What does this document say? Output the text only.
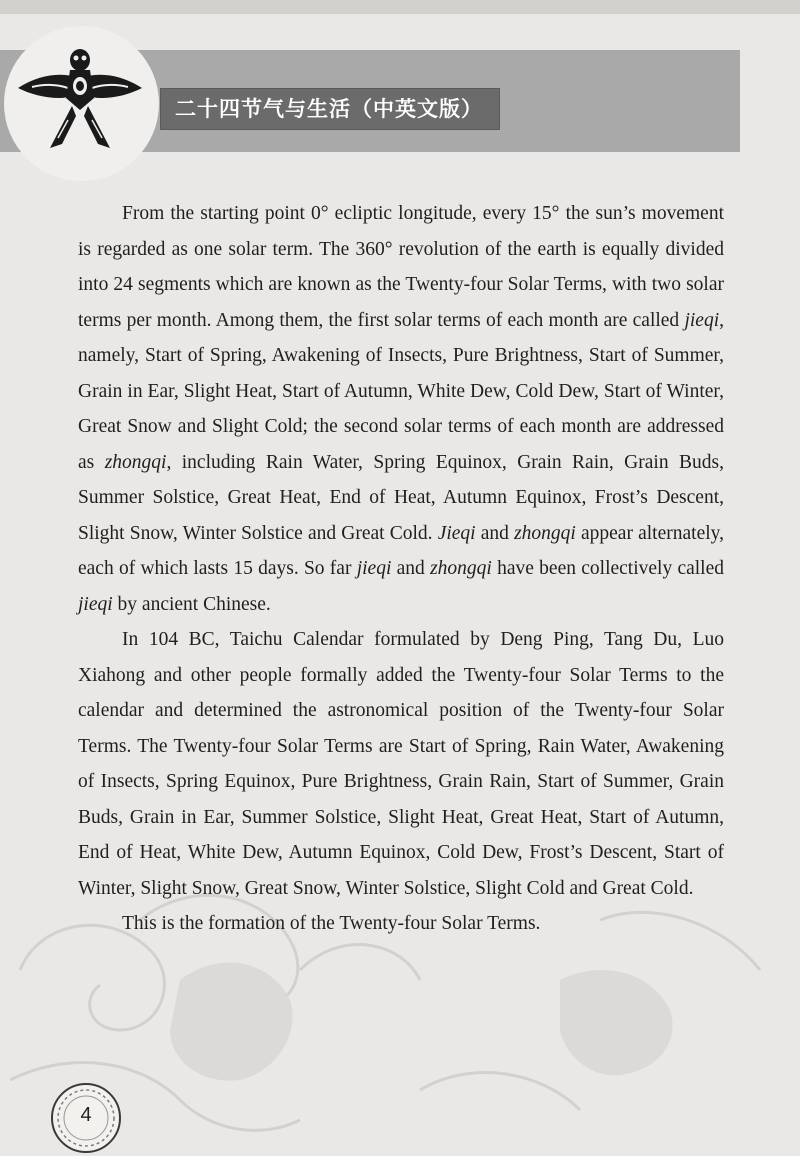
二十四节气与生活（中英文版）

From the starting point 0° ecliptic longitude, every 15° the sun’s movement is regarded as one solar term. The 360° revolution of the earth is equally divided into 24 segments which are known as the Twenty-four Solar Terms, with two solar terms per month. Among them, the first solar terms of each month are called jieqi, namely, Start of Spring, Awakening of Insects, Pure Brightness, Start of Summer, Grain in Ear, Slight Heat, Start of Autumn, White Dew, Cold Dew, Start of Winter, Great Snow and Slight Cold; the second solar terms of each month are addressed as zhongqi, including Rain Water, Spring Equinox, Grain Rain, Grain Buds, Summer Solstice, Great Heat, End of Heat, Autumn Equinox, Frost’s Descent, Slight Snow, Winter Solstice and Great Cold. Jieqi and zhongqi appear alternately, each of which lasts 15 days. So far jieqi and zhongqi have been collectively called jieqi by ancient Chinese.

In 104 BC, Taichu Calendar formulated by Deng Ping, Tang Du, Luo Xiahong and other people formally added the Twenty-four Solar Terms to the calendar and determined the astronomical position of the Twenty-four Solar Terms. The Twenty-four Solar Terms are Start of Spring, Rain Water, Awakening of Insects, Spring Equinox, Pure Brightness, Grain Rain, Start of Summer, Grain Buds, Grain in Ear, Summer Solstice, Slight Heat, Great Heat, Start of Autumn, End of Heat, White Dew, Autumn Equinox, Cold Dew, Frost’s Descent, Start of Winter, Slight Snow, Great Snow, Winter Solstice, Slight Cold and Great Cold.

This is the formation of the Twenty-four Solar Terms.

4
